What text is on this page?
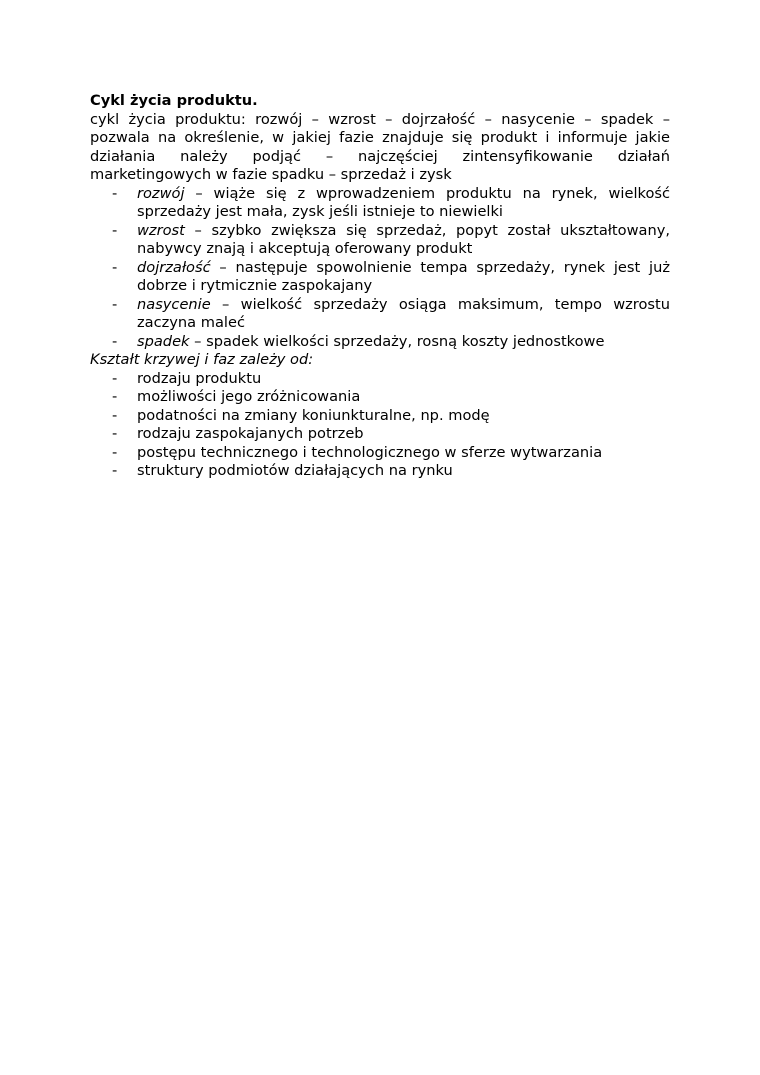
Cykl życia produktu.

cykl życia produktu: rozwój – wzrost – dojrzałość – nasycenie – spadek – pozwala na określenie, w jakiej fazie znajduje się produkt i informuje jakie działania należy podjąć – najczęściej zintensyfikowanie działań marketingowych w fazie spadku – sprzedaż i zysk

- rozwój – wiąże się z wprowadzeniem produktu na rynek, wielkość sprzedaży jest mała, zysk jeśli istnieje to niewielki
- wzrost – szybko zwiększa się sprzedaż, popyt został ukształtowany, nabywcy znają i akceptują oferowany produkt
- dojrzałość – następuje spowolnienie tempa sprzedaży, rynek jest już dobrze i rytmicznie zaspokajany
- nasycenie – wielkość sprzedaży osiąga maksimum, tempo wzrostu zaczyna maleć
- spadek – spadek wielkości sprzedaży, rosną koszty jednostkowe

Kształt krzywej i faz zależy od:

- rodzaju produktu
- możliwości jego zróżnicowania
- podatności na zmiany koniunkturalne, np. modę
- rodzaju zaspokajanych potrzeb
- postępu technicznego i technologicznego w sferze wytwarzania
- struktury podmiotów działających na rynku
